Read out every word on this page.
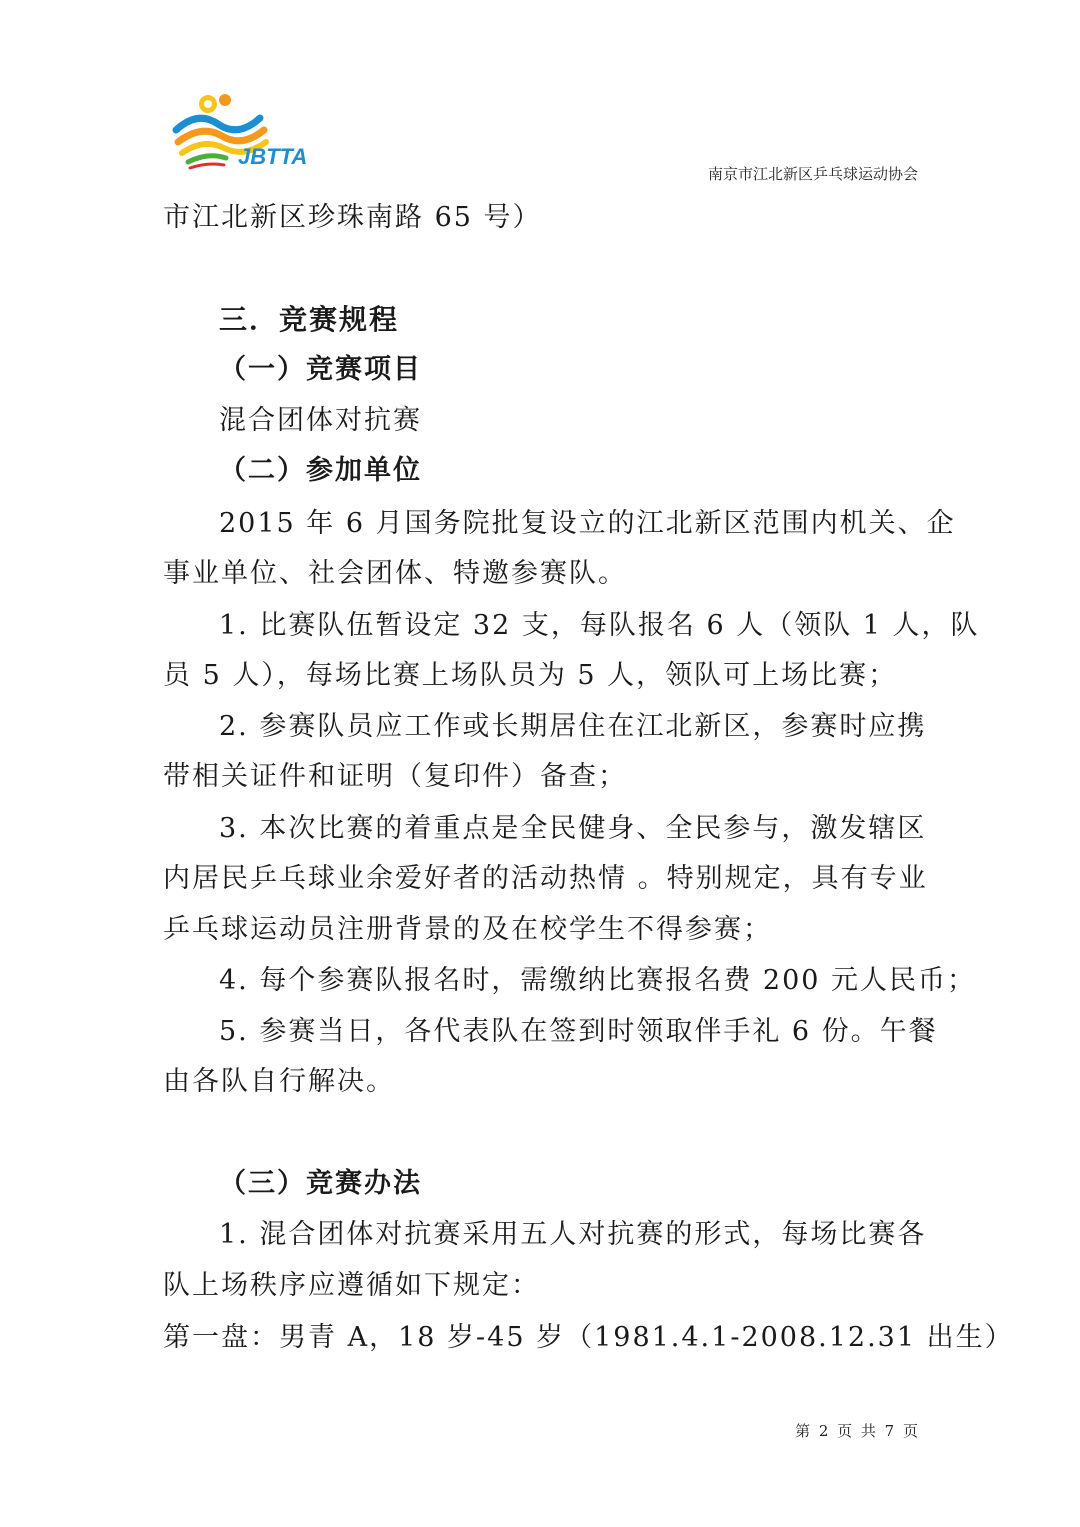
JBTTA
南京市江北新区乒乓球运动协会
市江北新区珍珠南路 65 号）
三．竞赛规程
（一）竞赛项目
混合团体对抗赛
（二）参加单位
2015 年 6 月国务院批复设立的江北新区范围内机关、企
事业单位、社会团体、特邀参赛队。
1. 比赛队伍暂设定 32 支，每队报名 6 人（领队 1 人，队
员 5 人），每场比赛上场队员为 5 人，领队可上场比赛；
2. 参赛队员应工作或长期居住在江北新区，参赛时应携
带相关证件和证明（复印件）备查；
3. 本次比赛的着重点是全民健身、全民参与，激发辖区
内居民乒乓球业余爱好者的活动热情 。特别规定，具有专业
乒乓球运动员注册背景的及在校学生不得参赛；
4. 每个参赛队报名时，需缴纳比赛报名费 200 元人民币；
5. 参赛当日，各代表队在签到时领取伴手礼 6 份。午餐
由各队自行解决。
（三）竞赛办法
1. 混合团体对抗赛采用五人对抗赛的形式，每场比赛各
队上场秩序应遵循如下规定：
第一盘：男青 A，18 岁-45 岁（1981.4.1-2008.12.31 出生）
第 2 页 共 7 页
